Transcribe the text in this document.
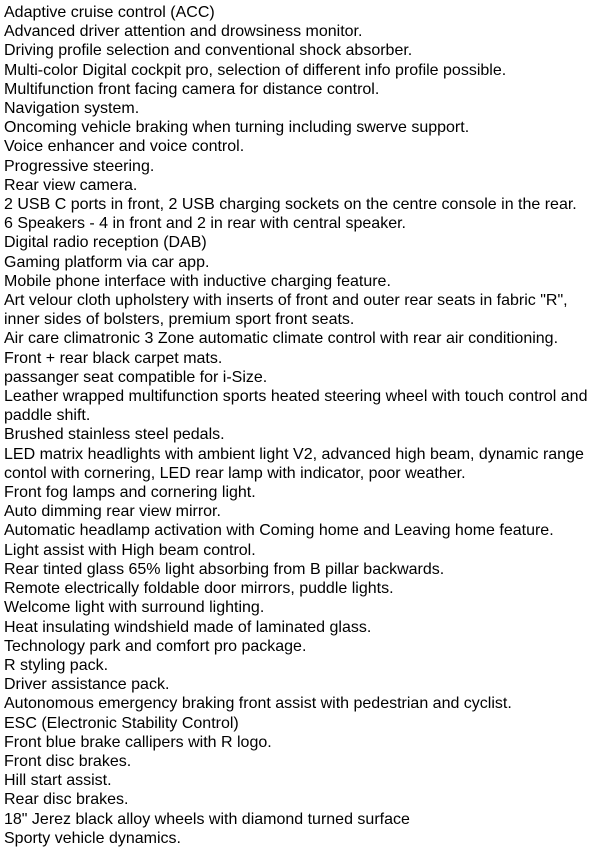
Adaptive cruise control (ACC)
Advanced driver attention and drowsiness monitor.
Driving profile selection and conventional shock absorber.
Multi-color Digital cockpit pro, selection of different info profile possible.
Multifunction front facing camera for distance control.
Navigation system.
Oncoming vehicle braking when turning including swerve support.
Voice enhancer and voice control.
Progressive steering.
Rear view camera.
2 USB C ports in front, 2 USB charging sockets on the centre console in the rear.
6 Speakers - 4 in front and 2 in rear with central speaker.
Digital radio reception (DAB)
Gaming platform via car app.
Mobile phone interface with inductive charging feature.
Art velour cloth upholstery with inserts of front and outer rear seats in fabric "R", inner sides of bolsters, premium sport front seats.
Air care climatronic 3 Zone automatic climate control with rear air conditioning.
Front + rear black carpet mats.
passanger seat compatible for i-Size.
Leather wrapped multifunction sports heated steering wheel with touch control and paddle shift.
Brushed stainless steel pedals.
LED matrix headlights with ambient light V2, advanced high beam, dynamic range contol with cornering, LED rear lamp with indicator, poor weather.
Front fog lamps and cornering light.
Auto dimming rear view mirror.
Automatic headlamp activation with Coming home and Leaving home feature.
Light assist with High beam control.
Rear tinted glass 65% light absorbing from B pillar backwards.
Remote electrically foldable door mirrors, puddle lights.
Welcome light with surround lighting.
Heat insulating windshield made of laminated glass.
Technology park and comfort pro package.
R styling pack.
Driver assistance pack.
Autonomous emergency braking front assist with pedestrian and cyclist.
ESC (Electronic Stability Control)
Front blue brake callipers with R logo.
Front disc brakes.
Hill start assist.
Rear disc brakes.
18" Jerez black alloy wheels with diamond turned surface
Sporty vehicle dynamics.
